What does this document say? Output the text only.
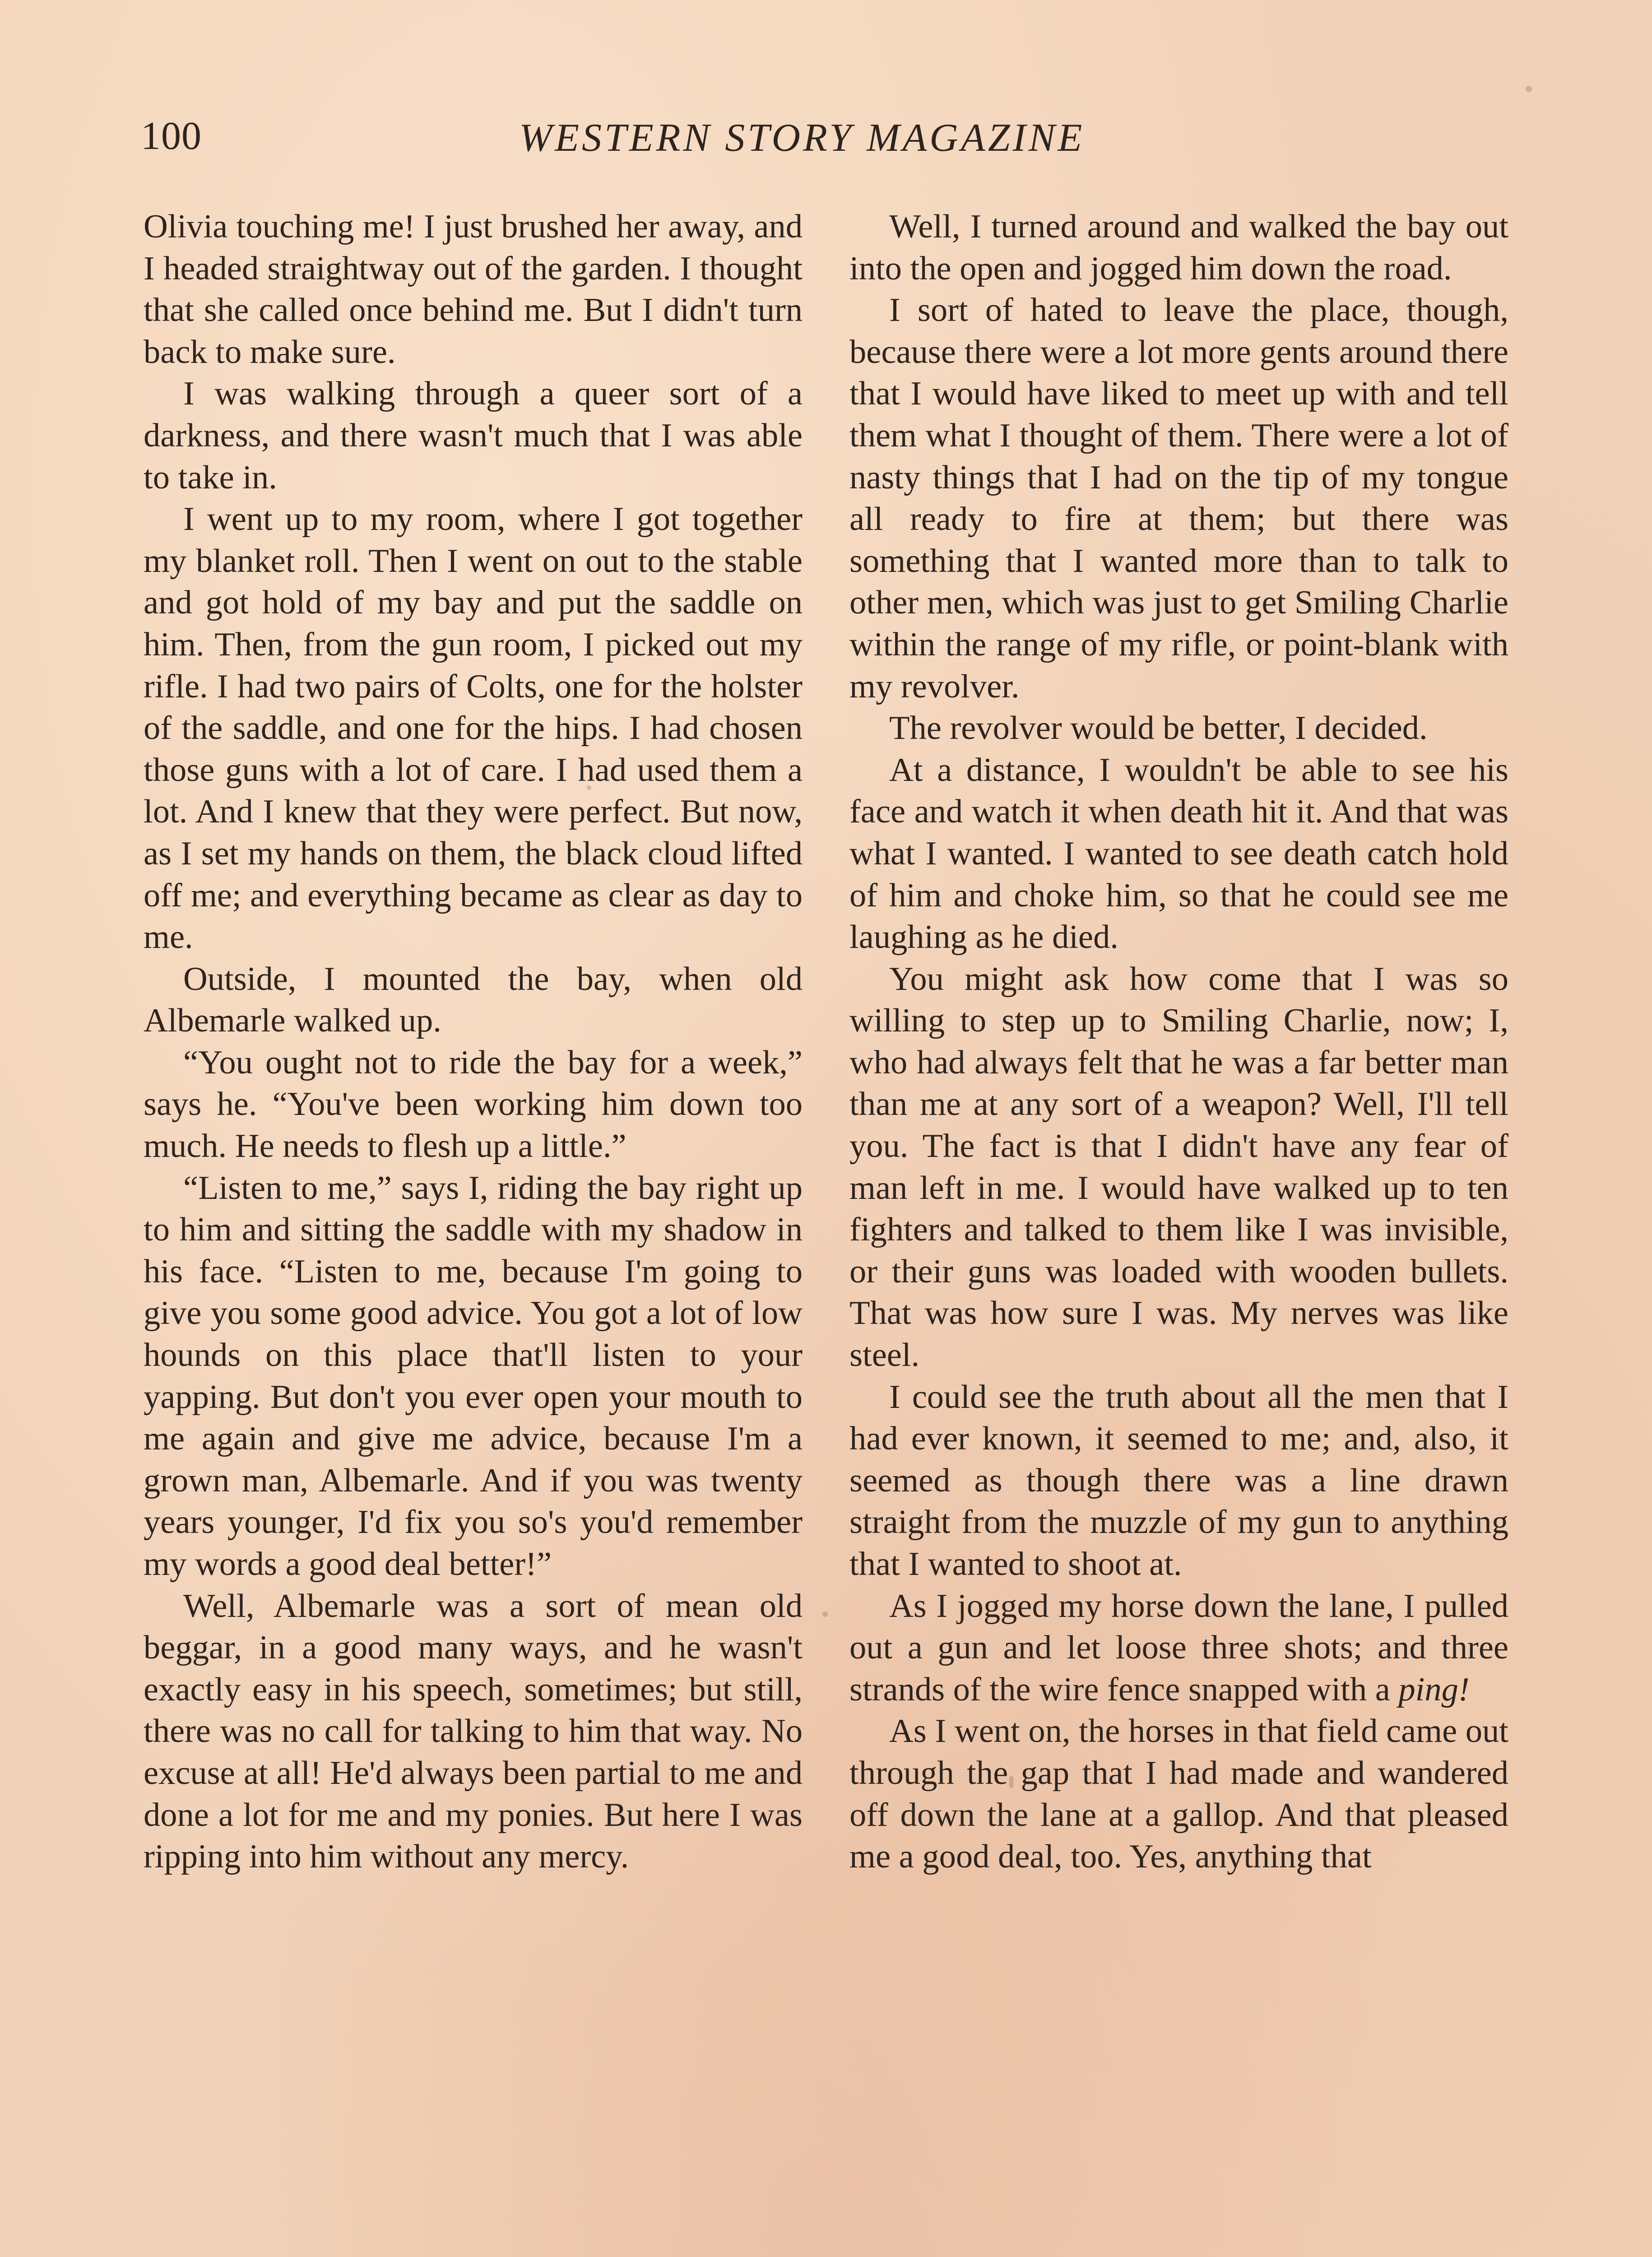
100	WESTERN STORY MAGAZINE

Olivia touching me! I just brushed her away, and I headed straightway out of the garden. I thought that she called once behind me. But I didn't turn back to make sure.

I was walking through a queer sort of a darkness, and there wasn't much that I was able to take in.

I went up to my room, where I got together my blanket roll. Then I went on out to the stable and got hold of my bay and put the saddle on him. Then, from the gun room, I picked out my rifle. I had two pairs of Colts, one for the holster of the saddle, and one for the hips. I had chosen those guns with a lot of care. I had used them a lot. And I knew that they were perfect. But now, as I set my hands on them, the black cloud lifted off me; and everything became as clear as day to me.

Outside, I mounted the bay, when old Albemarle walked up.

“You ought not to ride the bay for a week,” says he. “You've been working him down too much. He needs to flesh up a little.”

“Listen to me,” says I, riding the bay right up to him and sitting the saddle with my shadow in his face. “Listen to me, because I'm going to give you some good advice. You got a lot of low hounds on this place that'll listen to your yapping. But don't you ever open your mouth to me again and give me advice, because I'm a grown man, Albemarle. And if you was twenty years younger, I'd fix you so's you'd remember my words a good deal better!”

Well, Albemarle was a sort of mean old beggar, in a good many ways, and he wasn't exactly easy in his speech, sometimes; but still, there was no call for talking to him that way. No excuse at all! He'd always been partial to me and done a lot for me and my ponies. But here I was ripping into him without any mercy.

Well, I turned around and walked the bay out into the open and jogged him down the road.

I sort of hated to leave the place, though, because there were a lot more gents around there that I would have liked to meet up with and tell them what I thought of them. There were a lot of nasty things that I had on the tip of my tongue all ready to fire at them; but there was something that I wanted more than to talk to other men, which was just to get Smiling Charlie within the range of my rifle, or point-blank with my revolver.

The revolver would be better, I decided.

At a distance, I wouldn't be able to see his face and watch it when death hit it. And that was what I wanted. I wanted to see death catch hold of him and choke him, so that he could see me laughing as he died.

You might ask how come that I was so willing to step up to Smiling Charlie, now; I, who had always felt that he was a far better man than me at any sort of a weapon? Well, I'll tell you. The fact is that I didn't have any fear of man left in me. I would have walked up to ten fighters and talked to them like I was invisible, or their guns was loaded with wooden bullets. That was how sure I was. My nerves was like steel.

I could see the truth about all the men that I had ever known, it seemed to me; and, also, it seemed as though there was a line drawn straight from the muzzle of my gun to anything that I wanted to shoot at.

As I jogged my horse down the lane, I pulled out a gun and let loose three shots; and three strands of the wire fence snapped with a ping!

As I went on, the horses in that field came out through the gap that I had made and wandered off down the lane at a gallop. And that pleased me a good deal, too. Yes, anything that
